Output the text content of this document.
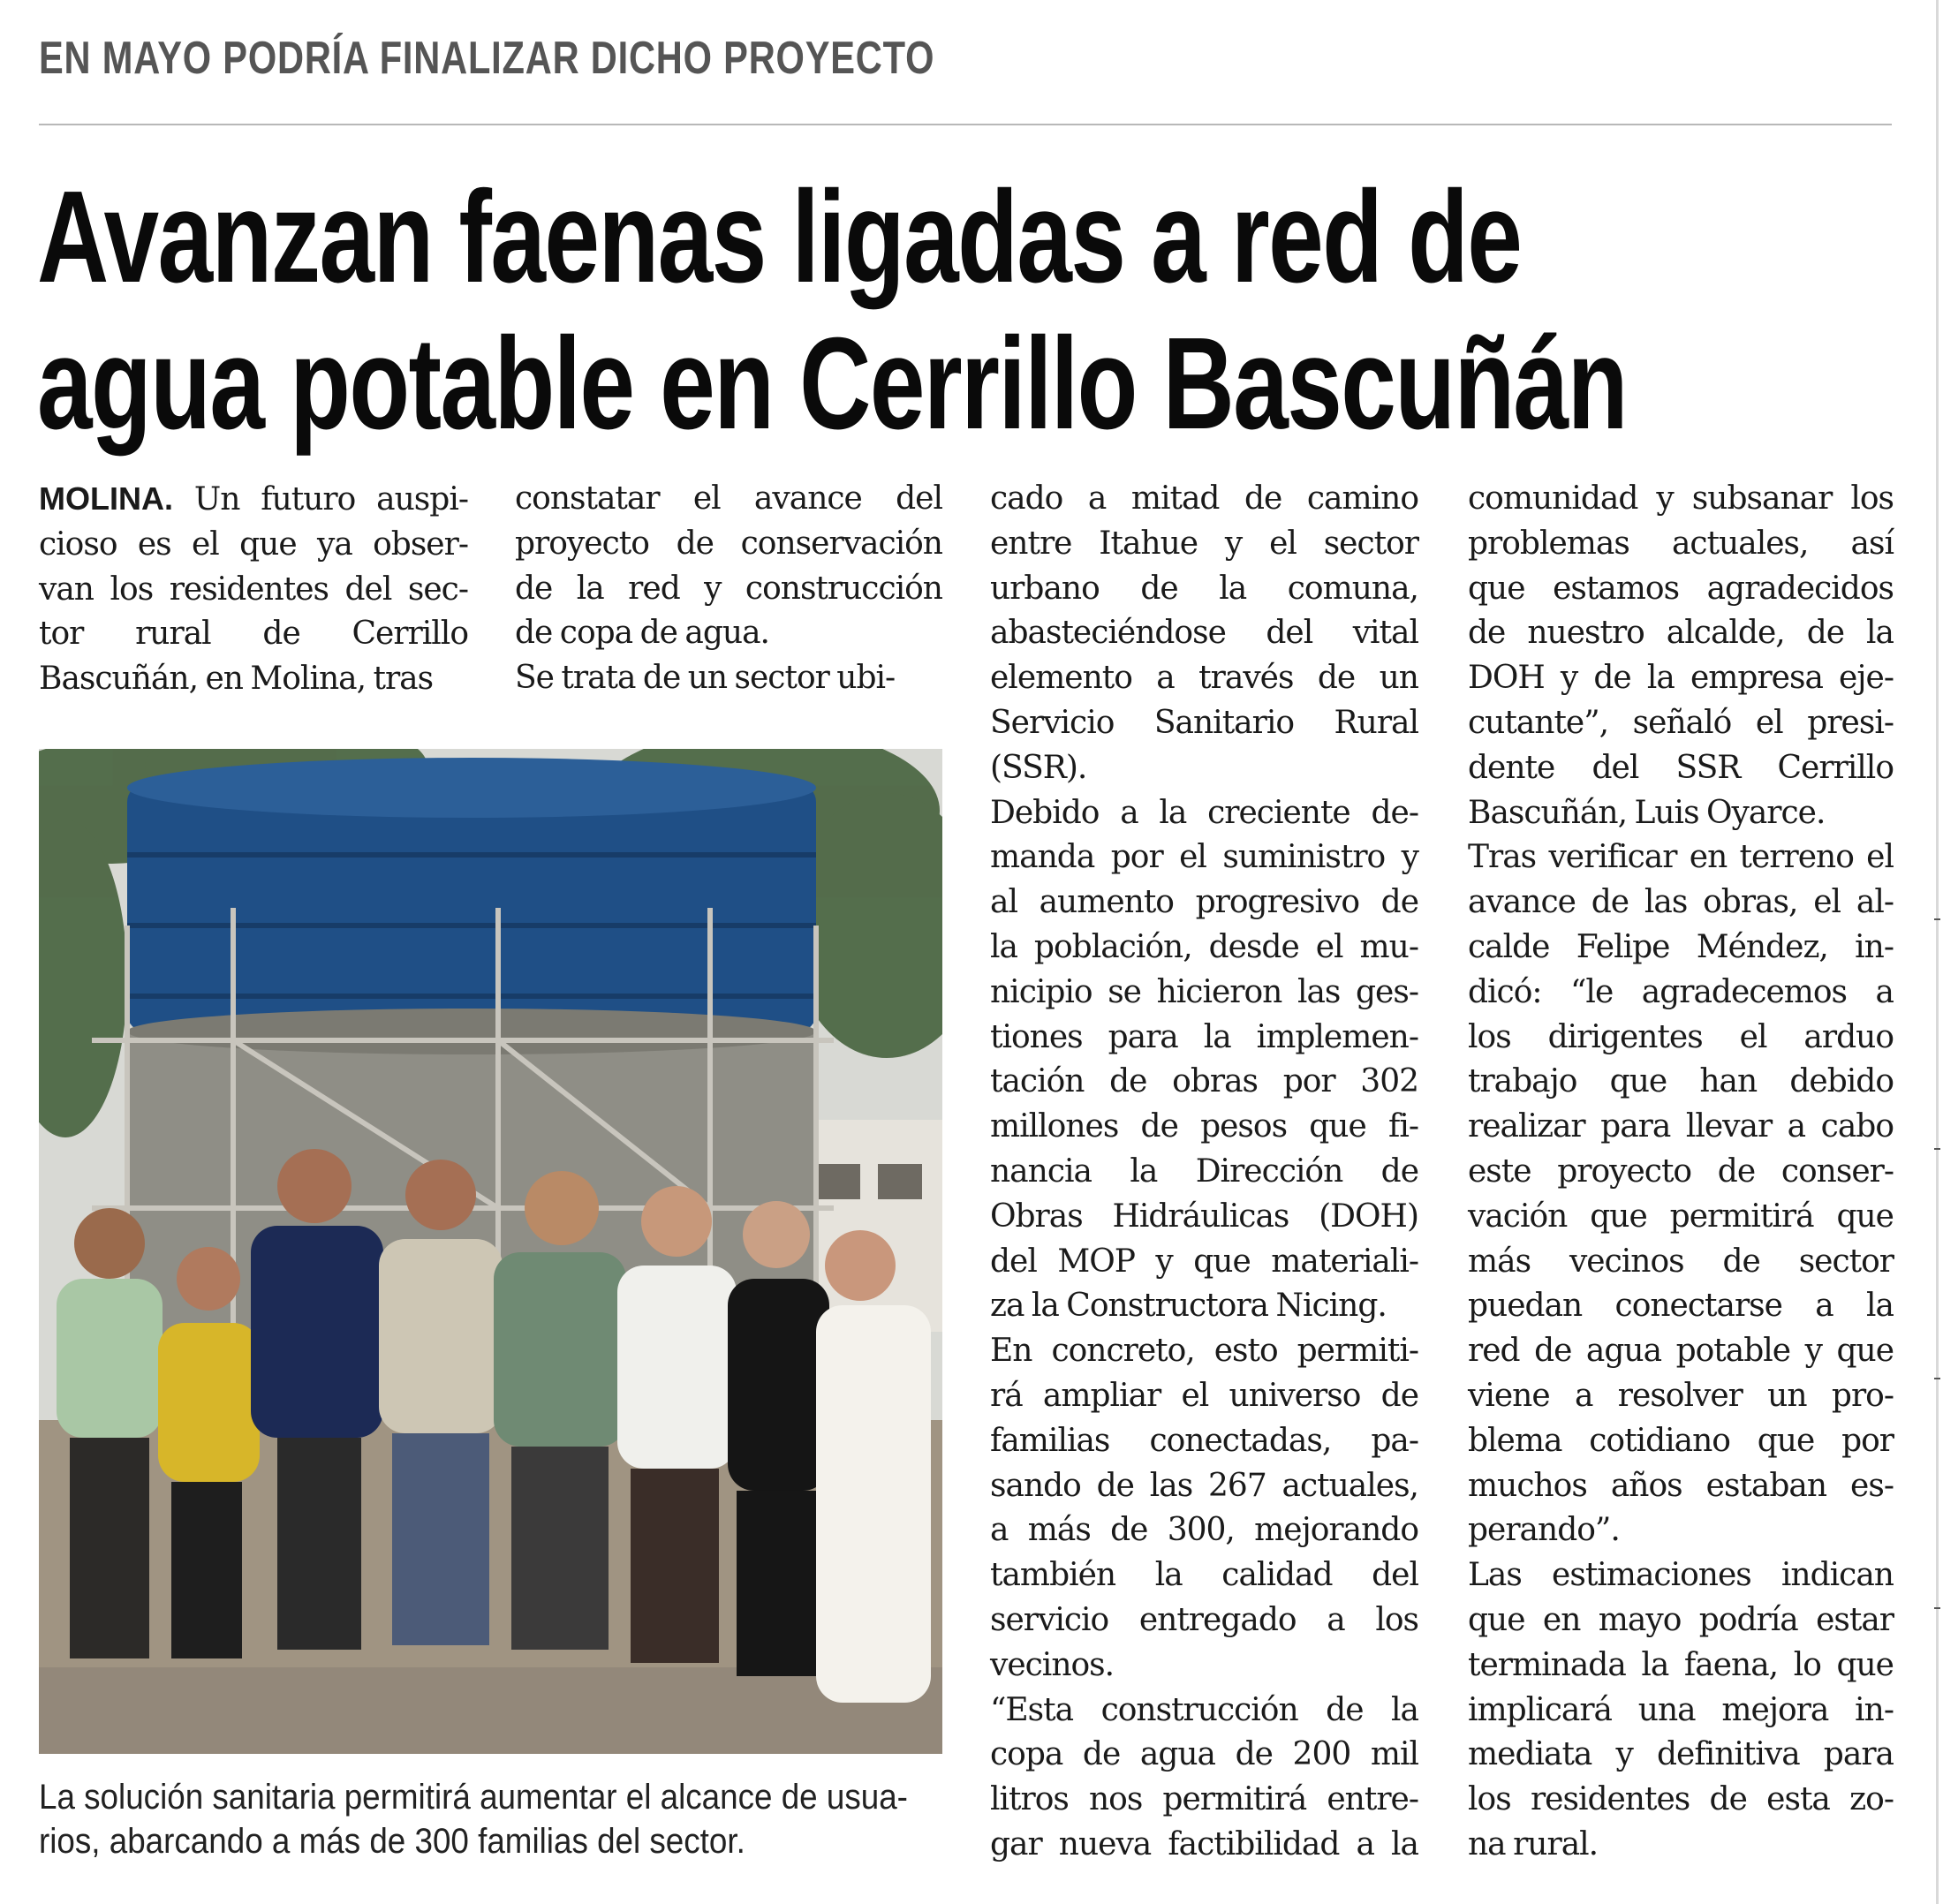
EN MAYO PODRÍA FINALIZAR DICHO PROYECTO
Avanzan faenas ligadas a red de
agua potable en Cerrillo Bascuñán
MOLINA. Un futuro auspi-
cioso es el que ya obser-
van los residentes del sec-
tor rural de Cerrillo
Bascuñán, en Molina, tras
constatar el avance del
proyecto de conservación
de la red y construcción
de copa de agua.
Se trata de un sector ubi-
cado a mitad de camino
entre Itahue y el sector
urbano de la comuna,
abasteciéndose del vital
elemento a través de un
Servicio Sanitario Rural
(SSR).
Debido a la creciente de-
manda por el suministro y
al aumento progresivo de
la población, desde el mu-
nicipio se hicieron las ges-
tiones para la implemen-
tación de obras por 302
millones de pesos que fi-
nancia la Dirección de
Obras Hidráulicas (DOH)
del MOP y que materiali-
za la Constructora Nicing.
En concreto, esto permiti-
rá ampliar el universo de
familias conectadas, pa-
sando de las 267 actuales,
a más de 300, mejorando
también la calidad del
servicio entregado a los
vecinos.
“Esta construcción de la
copa de agua de 200 mil
litros nos permitirá entre-
gar nueva factibilidad a la
comunidad y subsanar los
problemas actuales, así
que estamos agradecidos
de nuestro alcalde, de la
DOH y de la empresa eje-
cutante”, señaló el presi-
dente del SSR Cerrillo
Bascuñán, Luis Oyarce.
Tras verificar en terreno el
avance de las obras, el al-
calde Felipe Méndez, in-
dicó: “le agradecemos a
los dirigentes el arduo
trabajo que han debido
realizar para llevar a cabo
este proyecto de conser-
vación que permitirá que
más vecinos de sector
puedan conectarse a la
red de agua potable y que
viene a resolver un pro-
blema cotidiano que por
muchos años estaban es-
perando”.
Las estimaciones indican
que en mayo podría estar
terminada la faena, lo que
implicará una mejora in-
mediata y definitiva para
los residentes de esta zo-
na rural.
La solución sanitaria permitirá aumentar el alcance de usua-
rios, abarcando a más de 300 familias del sector.
